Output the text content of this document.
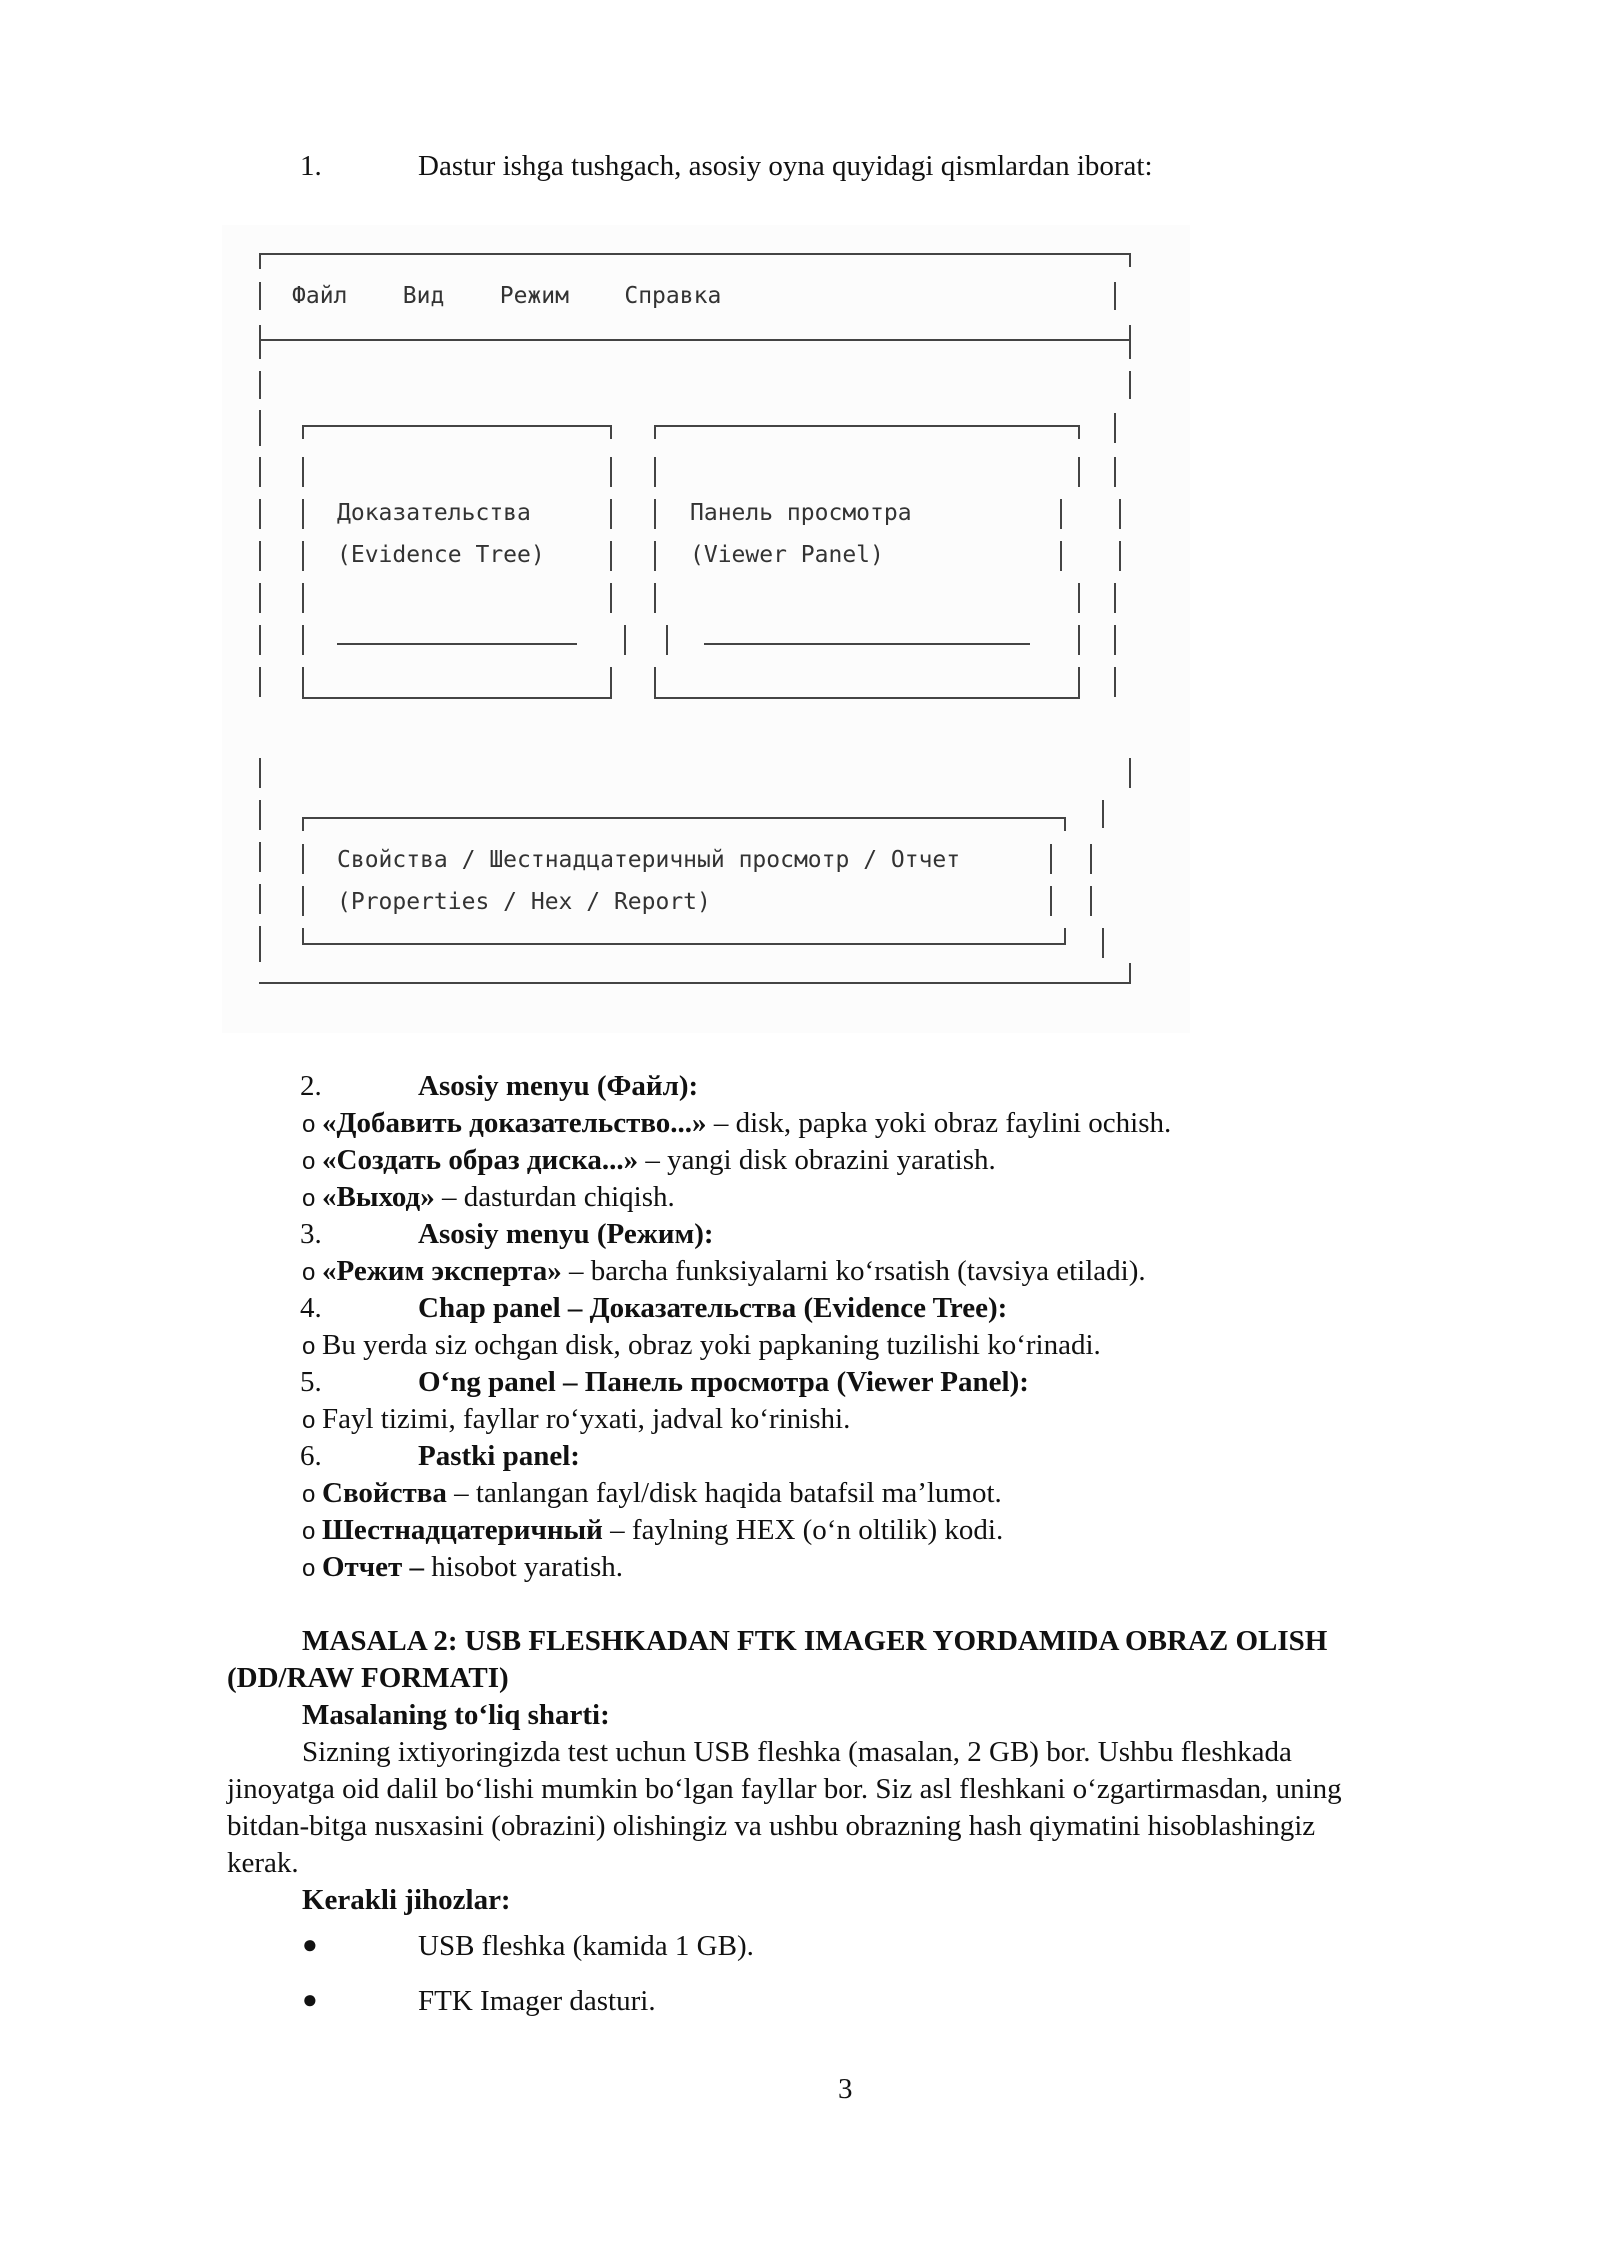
1.	Dastur ishga tushgach, asosiy oyna quyidagi qismlardan iborat:
Файл Вид Режим Справка
Доказательства
(Evidence Tree)
Панель просмотра
(Viewer Panel)
Свойства / Шестнадцатеричный просмотр / Отчет
(Properties / Hex / Report)
2.	Asosiy menyu (Файл):
o «Добавить доказательство...» – disk, papka yoki obraz faylini ochish.
o «Создать образ диска...» – yangi disk obrazini yaratish.
o «Выход» – dasturdan chiqish.
3.	Asosiy menyu (Режим):
o «Режим эксперта» – barcha funksiyalarni ko‘rsatish (tavsiya etiladi).
4.	Chap panel – Доказательства (Evidence Tree):
o Bu yerda siz ochgan disk, obraz yoki papkaning tuzilishi ko‘rinadi.
5.	O‘ng panel – Панель просмотра (Viewer Panel):
o Fayl tizimi, fayllar ro‘yxati, jadval ko‘rinishi.
6.	Pastki panel:
o Свойства – tanlangan fayl/disk haqida batafsil ma’lumot.
o Шестнадцатеричный – faylning HEX (o‘n oltilik) kodi.
o Отчет – hisobot yaratish.
MASALA 2: USB FLESHKADAN FTK IMAGER YORDAMIDA OBRAZ OLISH
(DD/RAW FORMATI)
Masalaning to‘liq sharti:
Sizning ixtiyoringizda test uchun USB fleshka (masalan, 2 GB) bor. Ushbu fleshkada
jinoyatga oid dalil bo‘lishi mumkin bo‘lgan fayllar bor. Siz asl fleshkani o‘zgartirmasdan, uning
bitdan-bitga nusxasini (obrazini) olishingiz va ushbu obrazning hash qiymatini hisoblashingiz
kerak.
Kerakli jihozlar:
●	USB fleshka (kamida 1 GB).
●	FTK Imager dasturi.
3
